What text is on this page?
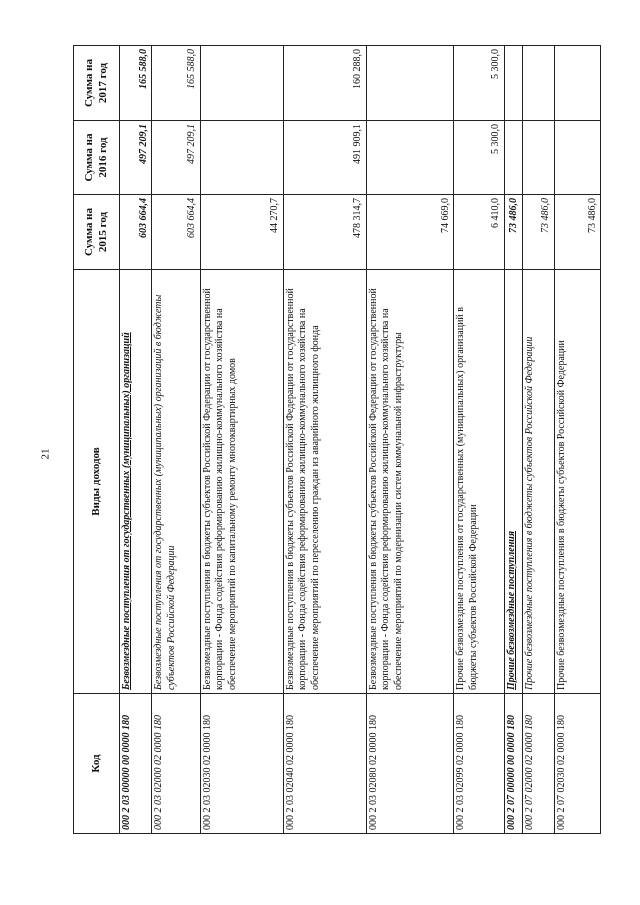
21
Код	Виды доходов	Сумма на 2015 год	Сумма на 2016 год	Сумма на 2017 год
000 2 03 00000 00 0000 180	Безвозмездные поступления от государственных (муниципальных) организаций	603 664,4	497 209,1	165 588,0
000 2 03 02000 02 0000 180	Безвозмездные поступления от государственных (муниципальных) организаций в бюджеты субъектов Российской Федерации	603 664,4	497 209,1	165 588,0
000 2 03 02030 02 0000 180	Безвозмездные поступления в бюджеты субъектов Российской Федерации от государственной корпорации - Фонда содействия реформированию жилищно-коммунального хозяйства на обеспечение мероприятий по капитальному ремонту многоквартирных домов	44 270,7		
000 2 03 02040 02 0000 180	Безвозмездные поступления в бюджеты субъектов Российской Федерации от государственной корпорации - Фонда содействия реформированию жилищно-коммунального хозяйства на обеспечение мероприятий по переселению граждан из аварийного жилищного фонда	478 314,7	491 909,1	160 288,0
000 2 03 02080 02 0000 180	Безвозмездные поступления в бюджеты субъектов Российской Федерации от государственной корпорации - Фонда содействия реформированию жилищно-коммунального хозяйства на обеспечение мероприятий по модернизации систем коммунальной инфраструктуры	74 669,0		
000 2 03 02099 02 0000 180	Прочие безвозмездные поступления от государственных (муниципальных) организаций в бюджеты субъектов Российской Федерации	6 410,0	5 300,0	5 300,0
000 2 07 00000 00 0000 180	Прочие безвозмездные поступления	73 486,0		
000 2 07 02000 02 0000 180	Прочие безвозмездные поступления в бюджеты субъектов Российской Федерации	73 486,0		
000 2 07 02030 02 0000 180	Прочие безвозмездные поступления в бюджеты субъектов Российской Федерации	73 486,0		
